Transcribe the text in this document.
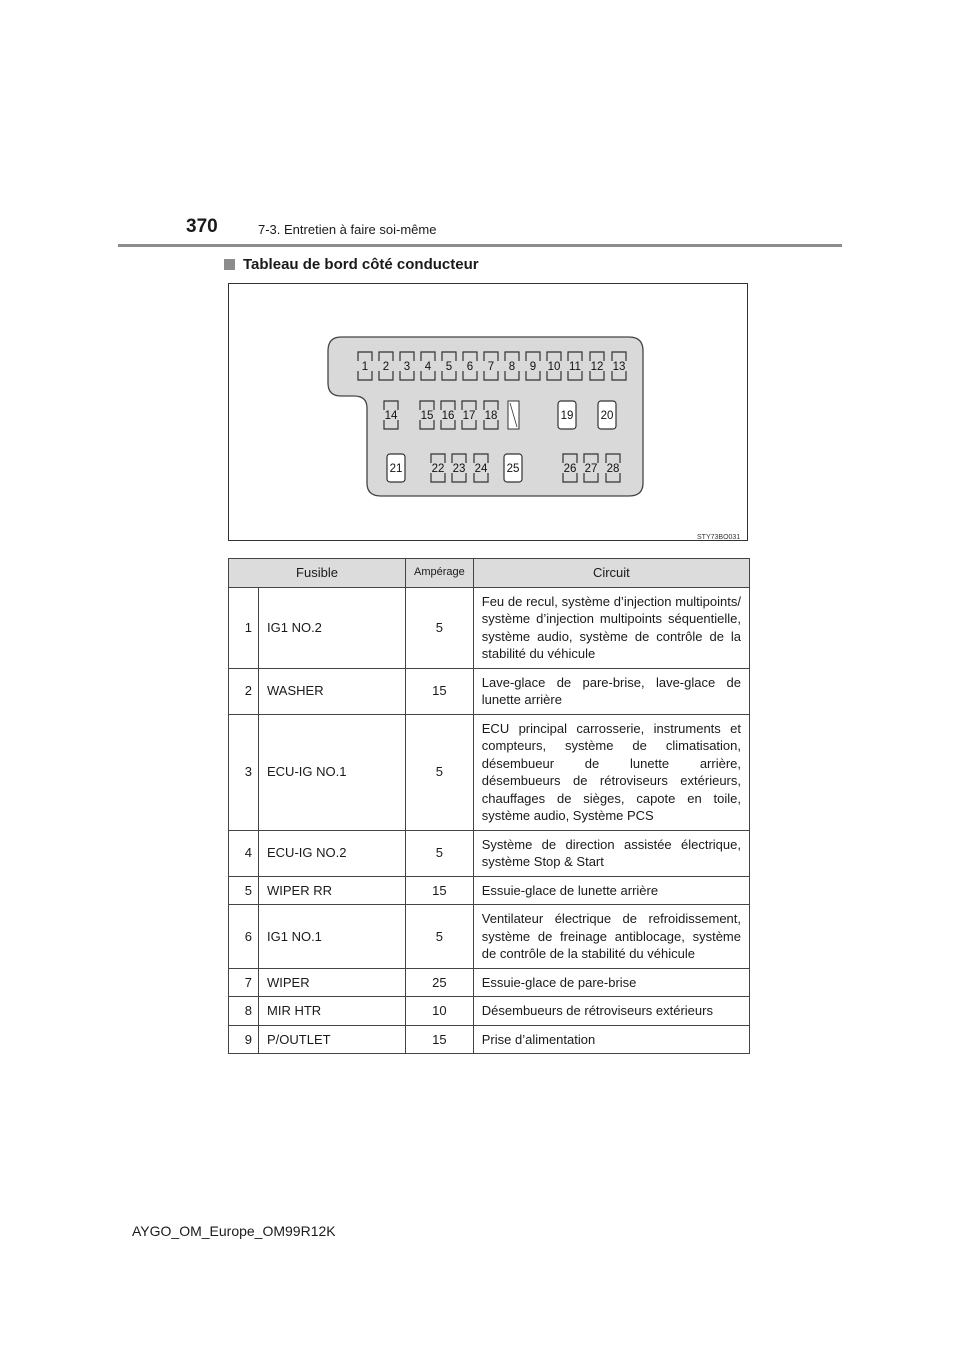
370	7-3. Entretien à faire soi-même
Tableau de bord côté conducteur
1 2 3 4 5 6 7 8 9 10 11 12 13
14 15 16 17 18	19 20
21	22 23 24 25	26 27 28
STY73BO031
Fusible		Ampérage	Circuit
1	IG1 NO.2	5	Feu de recul, système d’injection multipoints/ système d’injection multipoints séquentielle, système audio, système de contrôle de la stabilité du véhicule
2	WASHER	15	Lave-glace de pare-brise, lave-glace de lunette arrière
3	ECU-IG NO.1	5	ECU principal carrosserie, instruments et compteurs, système de climatisation, désembueur de lunette arrière, désembueurs de rétroviseurs extérieurs, chauffages de sièges, capote en toile, système audio, Système PCS
4	ECU-IG NO.2	5	Système de direction assistée électrique, système Stop & Start
5	WIPER RR	15	Essuie-glace de lunette arrière
6	IG1 NO.1	5	Ventilateur électrique de refroidissement, système de freinage antiblocage, système de contrôle de la stabilité du véhicule
7	WIPER	25	Essuie-glace de pare-brise
8	MIR HTR	10	Désembueurs de rétroviseurs extérieurs
9	P/OUTLET	15	Prise d’alimentation
AYGO_OM_Europe_OM99R12K
